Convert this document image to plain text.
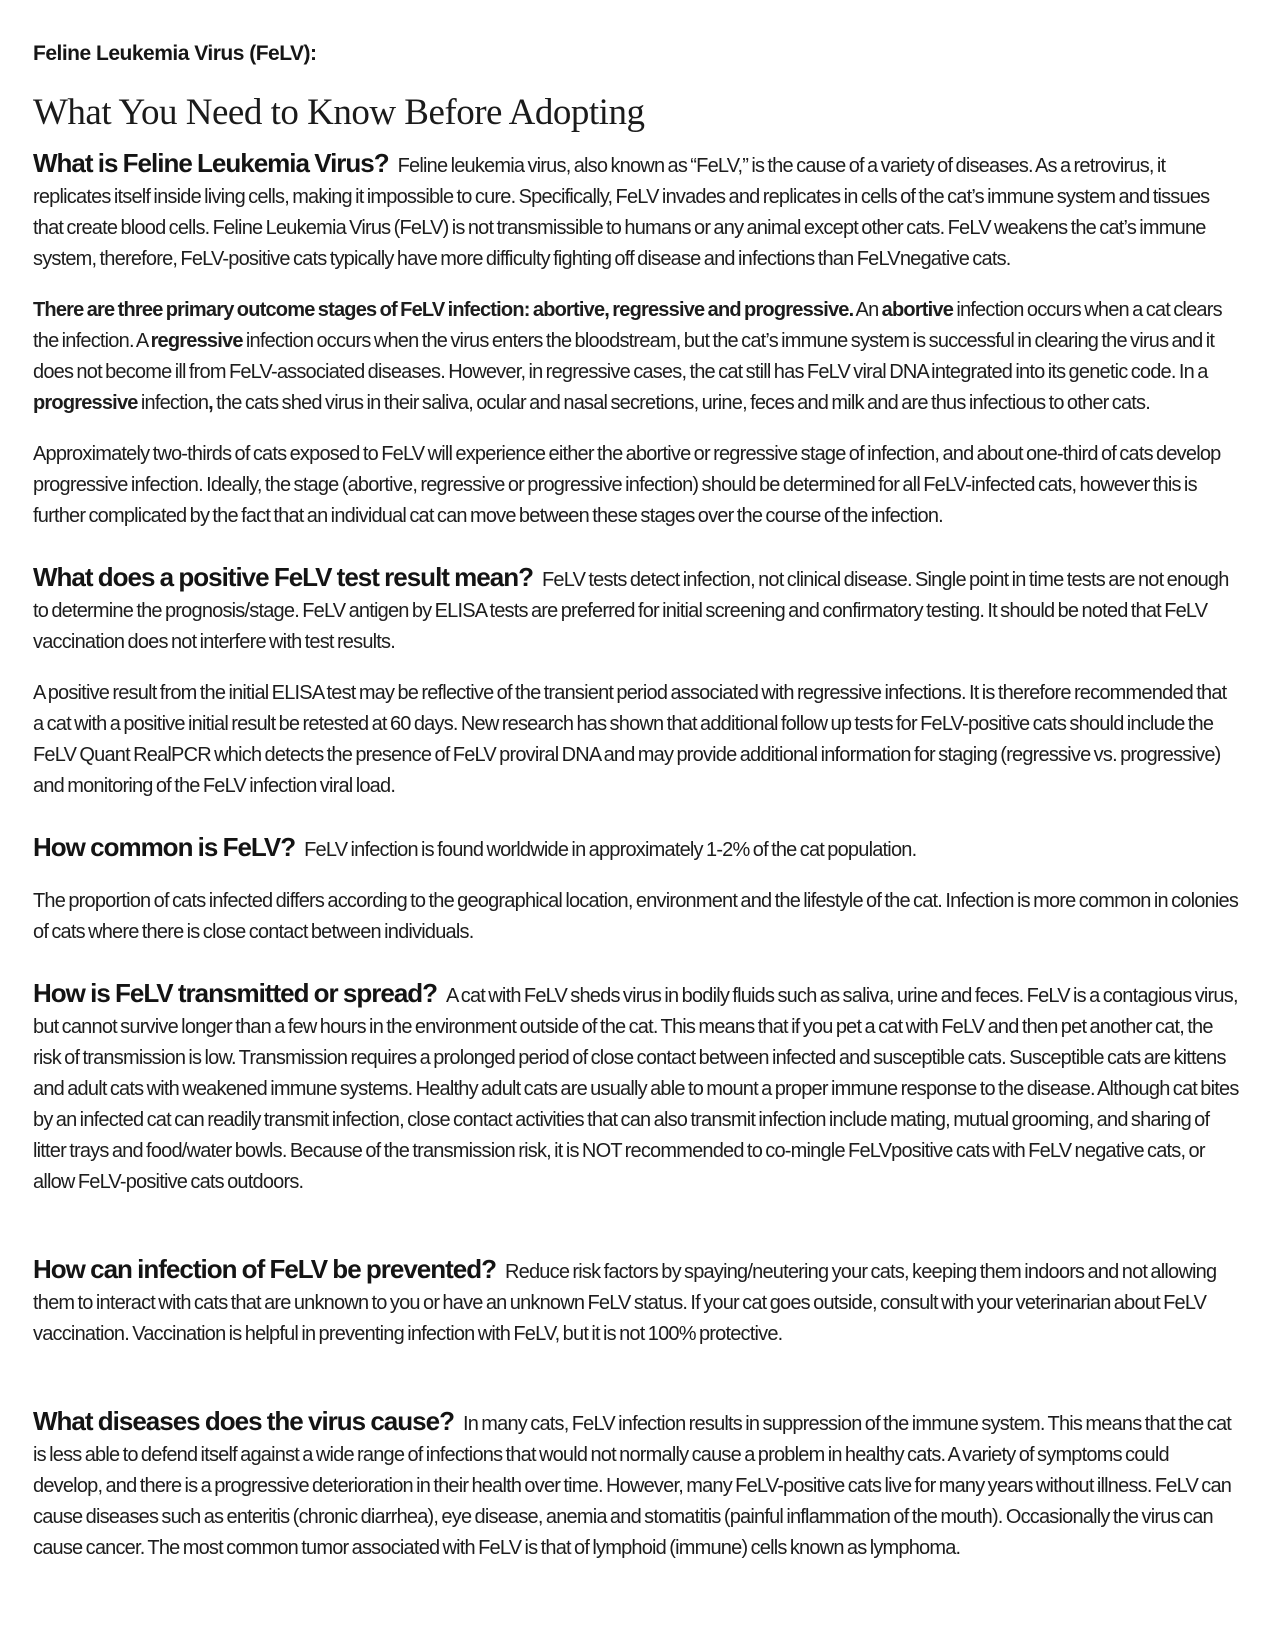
Feline Leukemia Virus (FeLV):
What You Need to Know Before Adopting

What is Feline Leukemia Virus? Feline leukemia virus, also known as “FeLV,” is the cause of a variety of diseases. As a retrovirus, it replicates itself inside living cells, making it impossible to cure. Specifically, FeLV invades and replicates in cells of the cat’s immune system and tissues that create blood cells. Feline Leukemia Virus (FeLV) is not transmissible to humans or any animal except other cats. FeLV weakens the cat’s immune system, therefore, FeLV-positive cats typically have more difficulty fighting off disease and infections than FeLVnegative cats.

There are three primary outcome stages of FeLV infection: abortive, regressive and progressive. An abortive infection occurs when a cat clears the infection. A regressive infection occurs when the virus enters the bloodstream, but the cat’s immune system is successful in clearing the virus and it does not become ill from FeLV-associated diseases. However, in regressive cases, the cat still has FeLV viral DNA integrated into its genetic code. In a progressive infection, the cats shed virus in their saliva, ocular and nasal secretions, urine, feces and milk and are thus infectious to other cats.

Approximately two-thirds of cats exposed to FeLV will experience either the abortive or regressive stage of infection, and about one-third of cats develop progressive infection. Ideally, the stage (abortive, regressive or progressive infection) should be determined for all FeLV-infected cats, however this is further complicated by the fact that an individual cat can move between these stages over the course of the infection.

What does a positive FeLV test result mean? FeLV tests detect infection, not clinical disease. Single point in time tests are not enough to determine the prognosis/stage. FeLV antigen by ELISA tests are preferred for initial screening and confirmatory testing. It should be noted that FeLV vaccination does not interfere with test results.

A positive result from the initial ELISA test may be reflective of the transient period associated with regressive infections. It is therefore recommended that a cat with a positive initial result be retested at 60 days. New research has shown that additional follow up tests for FeLV-positive cats should include the FeLV Quant RealPCR which detects the presence of FeLV proviral DNA and may provide additional information for staging (regressive vs. progressive) and monitoring of the FeLV infection viral load.

How common is FeLV? FeLV infection is found worldwide in approximately 1-2% of the cat population.

The proportion of cats infected differs according to the geographical location, environment and the lifestyle of the cat. Infection is more common in colonies of cats where there is close contact between individuals.

How is FeLV transmitted or spread? A cat with FeLV sheds virus in bodily fluids such as saliva, urine and feces. FeLV is a contagious virus, but cannot survive longer than a few hours in the environment outside of the cat. This means that if you pet a cat with FeLV and then pet another cat, the risk of transmission is low. Transmission requires a prolonged period of close contact between infected and susceptible cats. Susceptible cats are kittens and adult cats with weakened immune systems. Healthy adult cats are usually able to mount a proper immune response to the disease. Although cat bites by an infected cat can readily transmit infection, close contact activities that can also transmit infection include mating, mutual grooming, and sharing of litter trays and food/water bowls. Because of the transmission risk, it is NOT recommended to co-mingle FeLVpositive cats with FeLV negative cats, or allow FeLV-positive cats outdoors.

How can infection of FeLV be prevented? Reduce risk factors by spaying/neutering your cats, keeping them indoors and not allowing them to interact with cats that are unknown to you or have an unknown FeLV status. If your cat goes outside, consult with your veterinarian about FeLV vaccination. Vaccination is helpful in preventing infection with FeLV, but it is not 100% protective.

What diseases does the virus cause? In many cats, FeLV infection results in suppression of the immune system. This means that the cat is less able to defend itself against a wide range of infections that would not normally cause a problem in healthy cats. A variety of symptoms could develop, and there is a progressive deterioration in their health over time. However, many FeLV-positive cats live for many years without illness. FeLV can cause diseases such as enteritis (chronic diarrhea), eye disease, anemia and stomatitis (painful inflammation of the mouth). Occasionally the virus can cause cancer. The most common tumor associated with FeLV is that of lymphoid (immune) cells known as lymphoma.
